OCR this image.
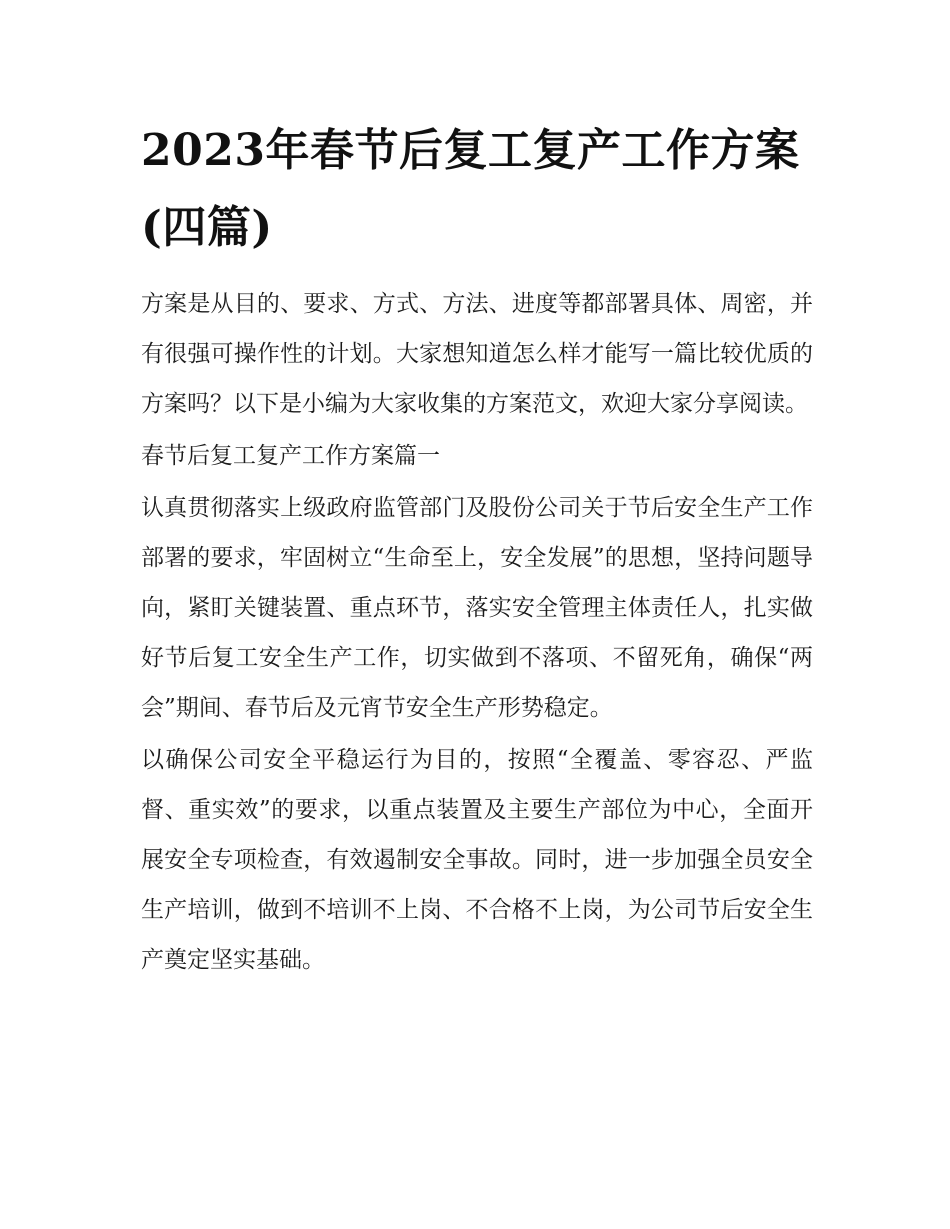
2023年春节后复工复产工作方案(四篇)

方案是从目的、要求、方式、方法、进度等都部署具体、周密，并有很强可操作性的计划。大家想知道怎么样才能写一篇比较优质的方案吗？以下是小编为大家收集的方案范文，欢迎大家分享阅读。

春节后复工复产工作方案篇一

认真贯彻落实上级政府监管部门及股份公司关于节后安全生产工作部署的要求，牢固树立“生命至上，安全发展”的思想，坚持问题导向，紧盯关键装置、重点环节，落实安全管理主体责任人，扎实做好节后复工安全生产工作，切实做到不落项、不留死角，确保“两会”期间、春节后及元宵节安全生产形势稳定。

以确保公司安全平稳运行为目的，按照“全覆盖、零容忍、严监督、重实效”的要求，以重点装置及主要生产部位为中心，全面开展安全专项检查，有效遏制安全事故。同时，进一步加强全员安全生产培训，做到不培训不上岗、不合格不上岗，为公司节后安全生产奠定坚实基础。
